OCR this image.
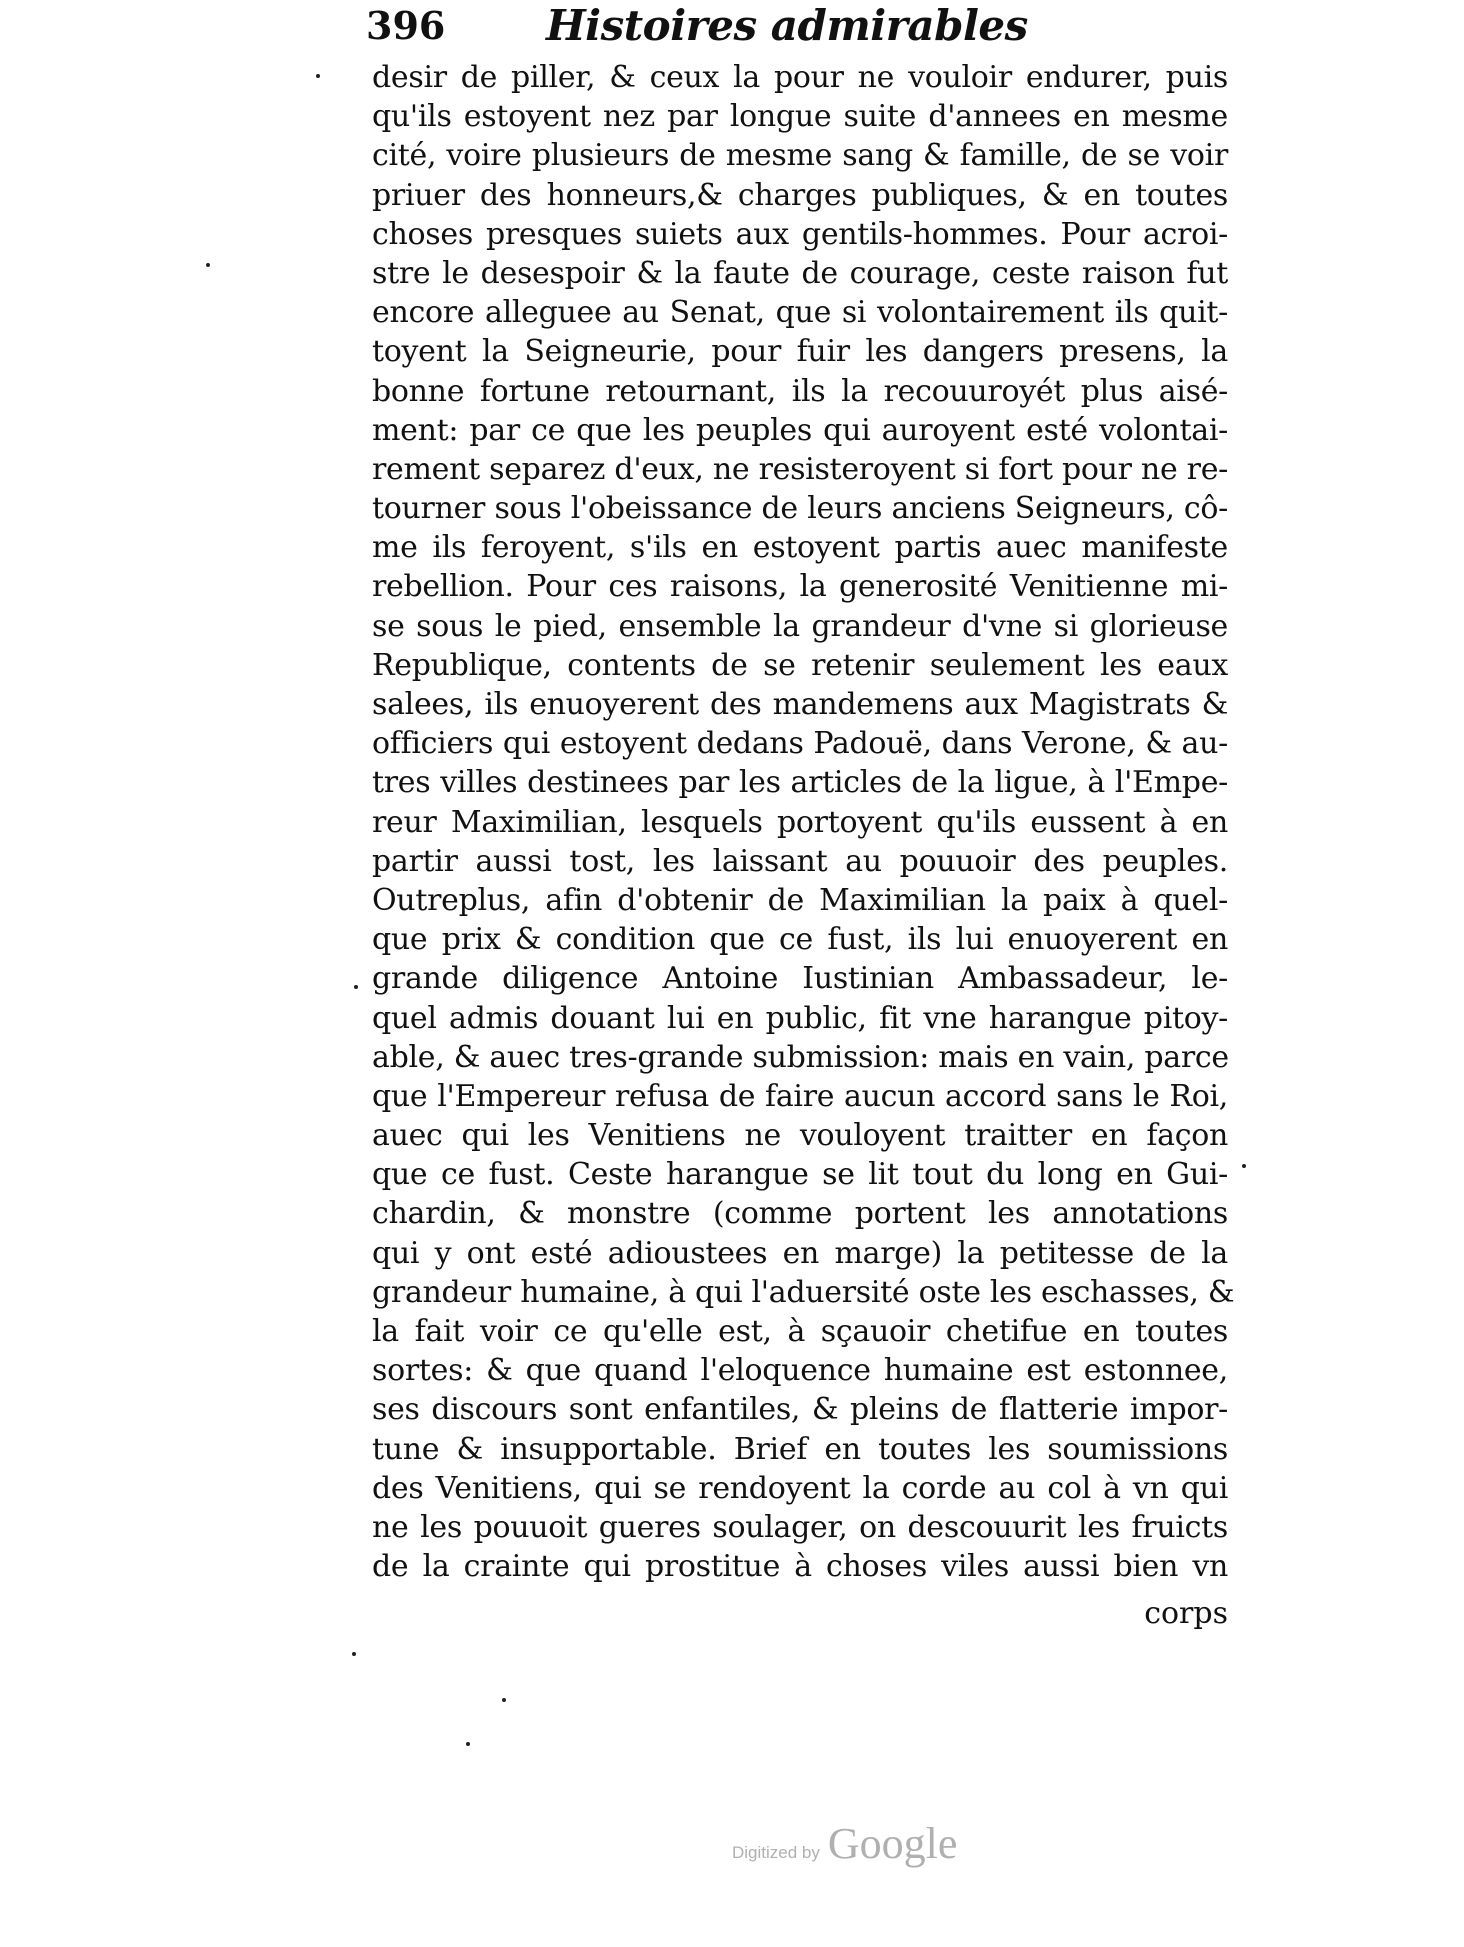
396 Histoires admirables
desir de piller, & ceux la pour ne vouloir endurer, puis
qu'ils estoyent nez par longue suite d'annees en mesme
cité, voire plusieurs de mesme sang & famille, de se voir
priuer des honneurs,& charges publiques, & en toutes
choses presques suiets aux gentils-hommes. Pour acroi-
stre le desespoir & la faute de courage, ceste raison fut
encore alleguee au Senat, que si volontairement ils quit-
toyent la Seigneurie, pour fuir les dangers presens, la
bonne fortune retournant, ils la recouuroyét plus aisé-
ment: par ce que les peuples qui auroyent esté volontai-
rement separez d'eux, ne resisteroyent si fort pour ne re-
tourner sous l'obeissance de leurs anciens Seigneurs, cô-
me ils feroyent, s'ils en estoyent partis auec manifeste
rebellion. Pour ces raisons, la generosité Venitienne mi-
se sous le pied, ensemble la grandeur d'vne si glorieuse
Republique, contents de se retenir seulement les eaux
salees, ils enuoyerent des mandemens aux Magistrats &
officiers qui estoyent dedans Padouë, dans Verone, & au-
tres villes destinees par les articles de la ligue, à l'Empe-
reur Maximilian, lesquels portoyent qu'ils eussent à en
partir aussi tost, les laissant au pouuoir des peuples.
Outreplus, afin d'obtenir de Maximilian la paix à quel-
que prix & condition que ce fust, ils lui enuoyerent en
grande diligence Antoine Iustinian Ambassadeur, le-
quel admis douant lui en public, fit vne harangue pitoy-
able, & auec tres-grande submission: mais en vain, parce
que l'Empereur refusa de faire aucun accord sans le Roi,
auec qui les Venitiens ne vouloyent traitter en façon
que ce fust. Ceste harangue se lit tout du long en Gui-
chardin, & monstre (comme portent les annotations
qui y ont esté adioustees en marge) la petitesse de la
grandeur humaine, à qui l'aduersité oste les eschasses, &
la fait voir ce qu'elle est, à sçauoir chetifue en toutes
sortes: & que quand l'eloquence humaine est estonnee,
ses discours sont enfantiles, & pleins de flatterie impor-
tune & insupportable. Brief en toutes les soumissions
des Venitiens, qui se rendoyent la corde au col à vn qui
ne les pouuoit gueres soulager, on descouurit les fruicts
de la crainte qui prostitue à choses viles aussi bien vn
corps
Digitized by Google
